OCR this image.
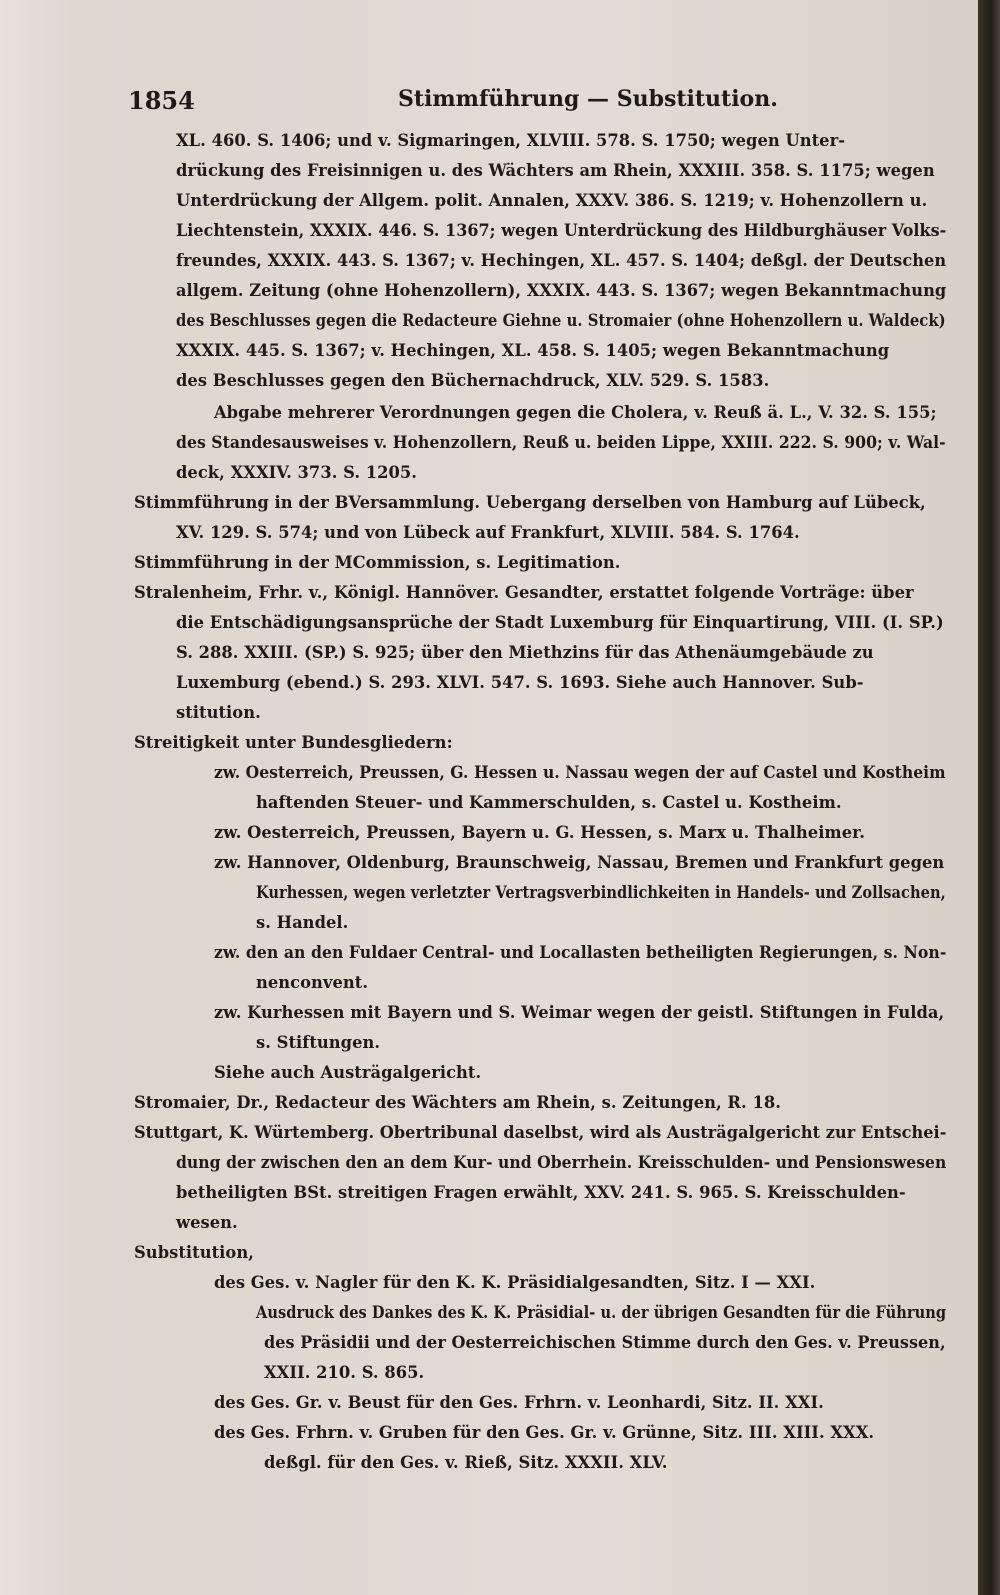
1854	Stimmführung — Substitution.
XL. 460. S. 1406; und v. Sigmaringen, XLVIII. 578. S. 1750; wegen Unter-
drückung des Freisinnigen u. des Wächters am Rhein, XXXIII. 358. S. 1175; wegen
Unterdrückung der Allgem. polit. Annalen, XXXV. 386. S. 1219; v. Hohenzollern u.
Liechtenstein, XXXIX. 446. S. 1367; wegen Unterdrückung des Hildburghäuser Volks-
freundes, XXXIX. 443. S. 1367; v. Hechingen, XL. 457. S. 1404; deßgl. der Deutschen
allgem. Zeitung (ohne Hohenzollern), XXXIX. 443. S. 1367; wegen Bekanntmachung
des Beschlusses gegen die Redacteure Giehne u. Stromaier (ohne Hohenzollern u. Waldeck)
XXXIX. 445. S. 1367; v. Hechingen, XL. 458. S. 1405; wegen Bekanntmachung
des Beschlusses gegen den Büchernachdruck, XLV. 529. S. 1583.
Abgabe mehrerer Verordnungen gegen die Cholera, v. Reuß ä. L., V. 32. S. 155;
des Standesausweises v. Hohenzollern, Reuß u. beiden Lippe, XXIII. 222. S. 900; v. Wal-
deck, XXXIV. 373. S. 1205.
Stimmführung in der BVersammlung. Uebergang derselben von Hamburg auf Lübeck,
XV. 129. S. 574; und von Lübeck auf Frankfurt, XLVIII. 584. S. 1764.
Stimmführung in der MCommission, s. Legitimation.
Stralenheim, Frhr. v., Königl. Hannöver. Gesandter, erstattet folgende Vorträge: über
die Entschädigungsansprüche der Stadt Luxemburg für Einquartirung, VIII. (I. SP.)
S. 288. XXIII. (SP.) S. 925; über den Miethzins für das Athenäumgebäude zu
Luxemburg (ebend.) S. 293. XLVI. 547. S. 1693. Siehe auch Hannover. Sub-
stitution.
Streitigkeit unter Bundesgliedern:
zw. Oesterreich, Preussen, G. Hessen u. Nassau wegen der auf Castel und Kostheim
haftenden Steuer- und Kammerschulden, s. Castel u. Kostheim.
zw. Oesterreich, Preussen, Bayern u. G. Hessen, s. Marx u. Thalheimer.
zw. Hannover, Oldenburg, Braunschweig, Nassau, Bremen und Frankfurt gegen
Kurhessen, wegen verletzter Vertragsverbindlichkeiten in Handels- und Zollsachen,
s. Handel.
zw. den an den Fuldaer Central- und Locallasten betheiligten Regierungen, s. Non-
nenconvent.
zw. Kurhessen mit Bayern und S. Weimar wegen der geistl. Stiftungen in Fulda,
s. Stiftungen.
Siehe auch Austrägalgericht.
Stromaier, Dr., Redacteur des Wächters am Rhein, s. Zeitungen, R. 18.
Stuttgart, K. Würtemberg. Obertribunal daselbst, wird als Austrägalgericht zur Entschei-
dung der zwischen den an dem Kur- und Oberrhein. Kreisschulden- und Pensionswesen
betheiligten BSt. streitigen Fragen erwählt, XXV. 241. S. 965. S. Kreisschulden-
wesen.
Substitution,
des Ges. v. Nagler für den K. K. Präsidialgesandten, Sitz. I — XXI.
Ausdruck des Dankes des K. K. Präsidial- u. der übrigen Gesandten für die Führung
des Präsidii und der Oesterreichischen Stimme durch den Ges. v. Preussen,
XXII. 210. S. 865.
des Ges. Gr. v. Beust für den Ges. Frhrn. v. Leonhardi, Sitz. II. XXI.
des Ges. Frhrn. v. Gruben für den Ges. Gr. v. Grünne, Sitz. III. XIII. XXX.
deßgl. für den Ges. v. Rieß, Sitz. XXXII. XLV.
